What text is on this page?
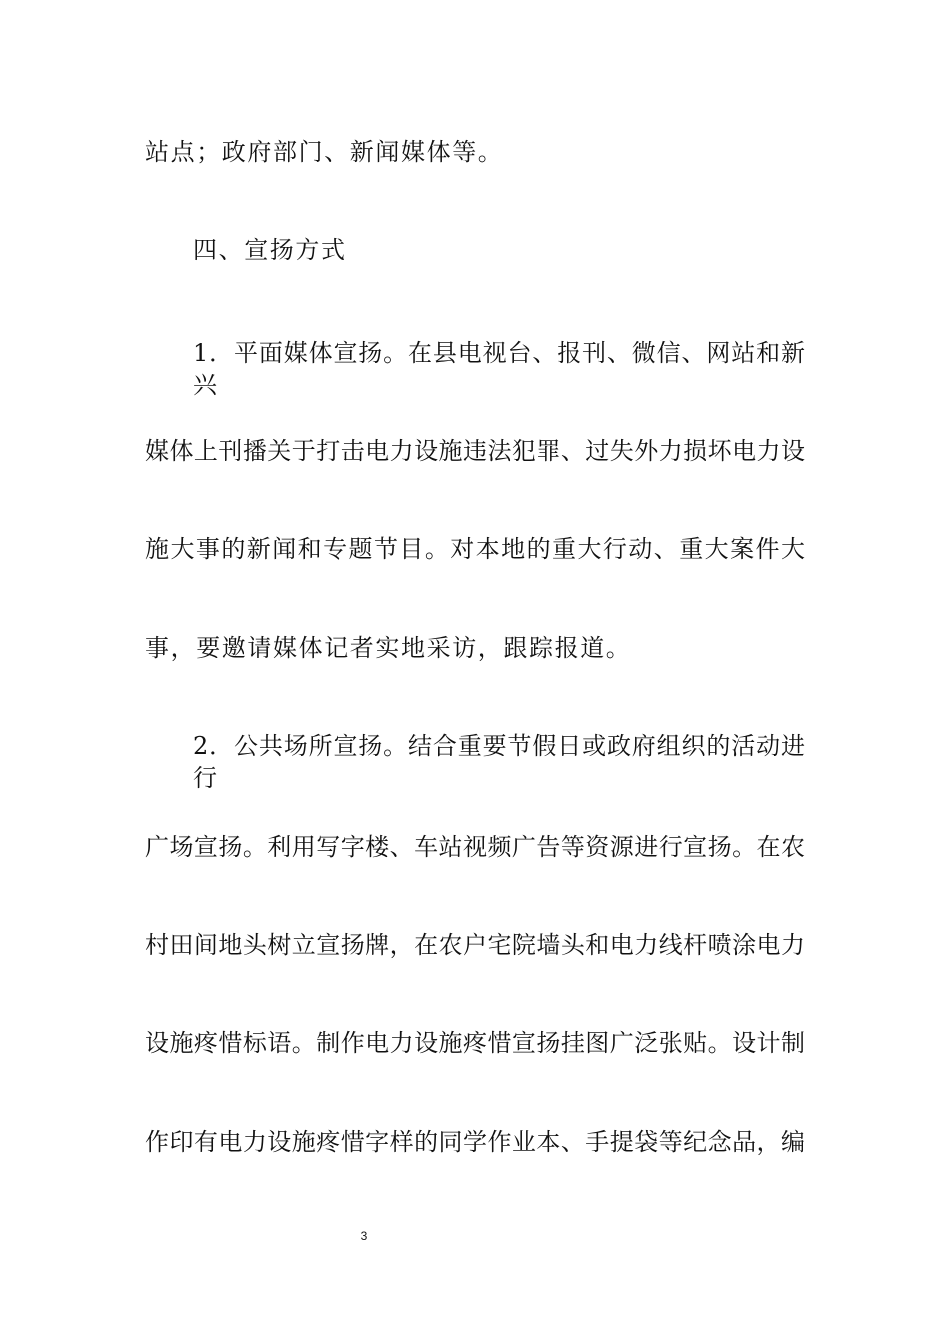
站点；政府部门、新闻媒体等。
四、宣扬方式
1．平面媒体宣扬。在县电视台、报刊、微信、网站和新兴
媒体上刊播关于打击电力设施违法犯罪、过失外力损坏电力设
施大事的新闻和专题节目。对本地的重大行动、重大案件大
事，要邀请媒体记者实地采访，跟踪报道。
2．公共场所宣扬。结合重要节假日或政府组织的活动进行
广场宣扬。利用写字楼、车站视频广告等资源进行宣扬。在农
村田间地头树立宣扬牌，在农户宅院墙头和电力线杆喷涂电力
设施疼惜标语。制作电力设施疼惜宣扬挂图广泛张贴。设计制
作印有电力设施疼惜字样的同学作业本、手提袋等纪念品，编
3
